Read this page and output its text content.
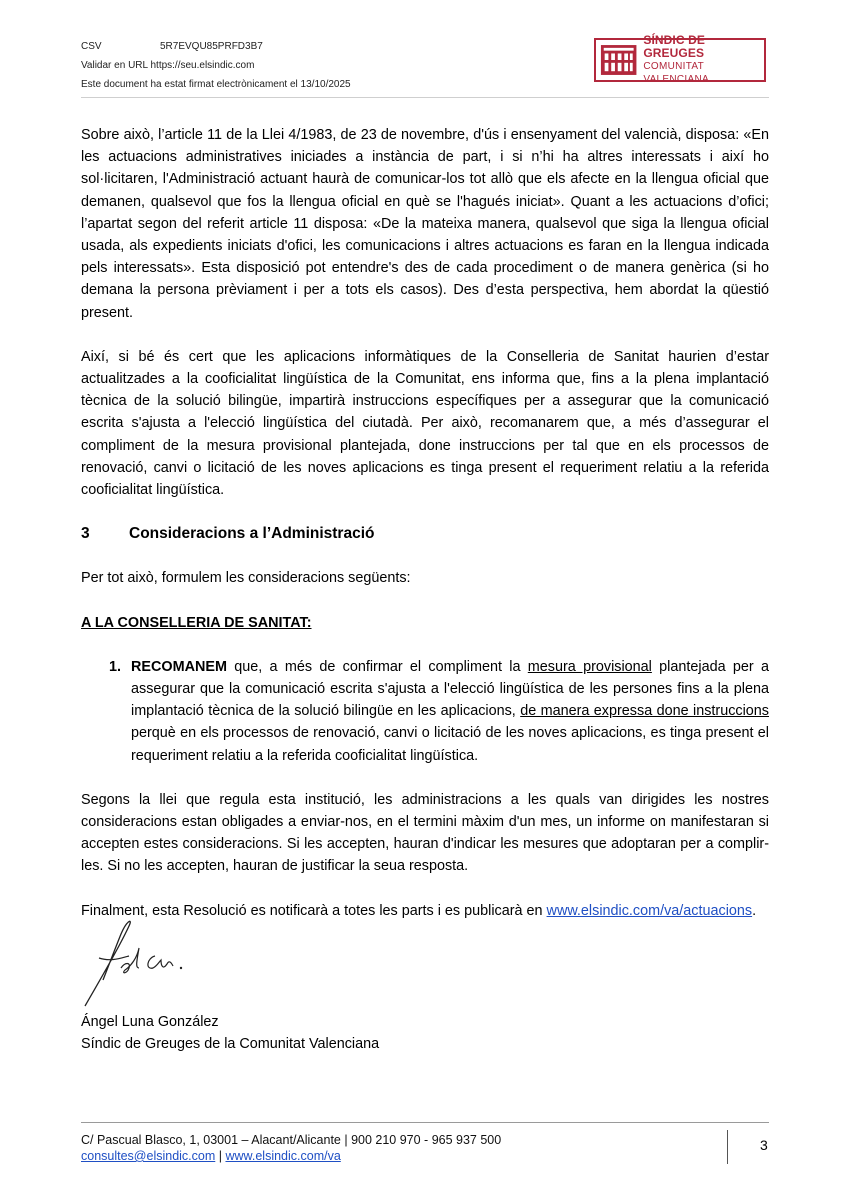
CSV	5R7EVQU85PRFD3B7
Validar en URL https://seu.elsindic.com
Este document ha estat firmat electrònicament el 13/10/2025
SÍNDIC DE GREUGES
COMUNITAT VALENCIANA

Sobre això, l’article 11 de la Llei 4/1983, de 23 de novembre, d'ús i ensenyament del valencià, disposa: «En les actuacions administratives iniciades a instància de part, i si n’hi ha altres interessats i així ho sol·licitaren, l'Administració actuant haurà de comunicar-los tot allò que els afecte en la llengua oficial que demanen, qualsevol que fos la llengua oficial en què se l'hagués iniciat». Quant a les actuacions d’ofici; l’apartat segon del referit article 11 disposa: «De la mateixa manera, qualsevol que siga la llengua oficial usada, als expedients iniciats d'ofici, les comunicacions i altres actuacions es faran en la llengua indicada pels interessats». Esta disposició pot entendre's des de cada procediment o de manera genèrica (si ho demana la persona prèviament i per a tots els casos). Des d’esta perspectiva, hem abordat la qüestió present.

Així, si bé és cert que les aplicacions informàtiques de la Conselleria de Sanitat haurien d’estar actualitzades a la cooficialitat lingüística de la Comunitat, ens informa que, fins a la plena implantació tècnica de la solució bilingüe, impartirà instruccions específiques per a assegurar que la comunicació escrita s'ajusta a l'elecció lingüística del ciutadà. Per això, recomanarem que, a més d’assegurar el compliment de la mesura provisional plantejada, done instruccions per tal que en els processos de renovació, canvi o licitació de les noves aplicacions es tinga present el requeriment relatiu a la referida cooficialitat lingüística.

3	Consideracions a l’Administració

Per tot això, formulem les consideracions següents:

A LA CONSELLERIA DE SANITAT:

1. RECOMANEM que, a més de confirmar el compliment la mesura provisional plantejada per a assegurar que la comunicació escrita s'ajusta a l'elecció lingüística de les persones fins a la plena implantació tècnica de la solució bilingüe en les aplicacions, de manera expressa done instruccions perquè en els processos de renovació, canvi o licitació de les noves aplicacions, es tinga present el requeriment relatiu a la referida cooficialitat lingüística.

Segons la llei que regula esta institució, les administracions a les quals van dirigides les nostres consideracions estan obligades a enviar-nos, en el termini màxim d'un mes, un informe on manifestaran si accepten estes consideracions. Si les accepten, hauran d'indicar les mesures que adoptaran per a complir-les. Si no les accepten, hauran de justificar la seua resposta.

Finalment, esta Resolució es notificarà a totes les parts i es publicarà en www.elsindic.com/va/actuacions.

Ángel Luna González
Síndic de Greuges de la Comunitat Valenciana
C/ Pascual Blasco, 1, 03001 – Alacant/Alicante | 900 210 970 - 965 937 500
consultes@elsindic.com | www.elsindic.com/va
3
